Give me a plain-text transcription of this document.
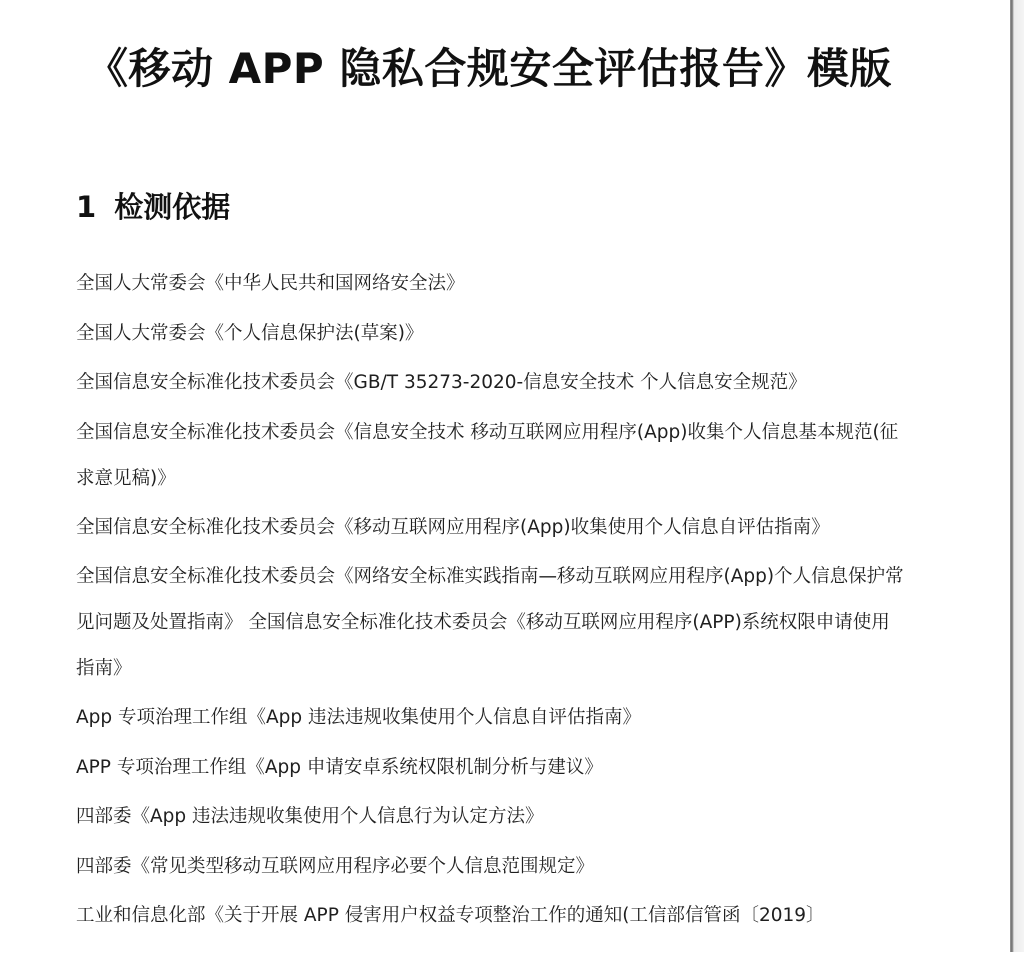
《移动 APP 隐私合规安全评估报告》模版
1 检测依据
全国人大常委会《中华人民共和国网络安全法》
全国人大常委会《个人信息保护法(草案)》
全国信息安全标准化技术委员会《GB/T 35273-2020-信息安全技术 个人信息安全规范》
全国信息安全标准化技术委员会《信息安全技术 移动互联网应用程序(App)收集个人信息基本规范(征求意见稿)》
全国信息安全标准化技术委员会《移动互联网应用程序(App)收集使用个人信息自评估指南》
全国信息安全标准化技术委员会《网络安全标准实践指南—移动互联网应用程序(App)个人信息保护常见问题及处置指南》 全国信息安全标准化技术委员会《移动互联网应用程序(APP)系统权限申请使用指南》
App 专项治理工作组《App 违法违规收集使用个人信息自评估指南》
APP 专项治理工作组《App 申请安卓系统权限机制分析与建议》
四部委《App 违法违规收集使用个人信息行为认定方法》
四部委《常见类型移动互联网应用程序必要个人信息范围规定》
工业和信息化部《关于开展 APP 侵害用户权益专项整治工作的通知(工信部信管函〔2019〕
